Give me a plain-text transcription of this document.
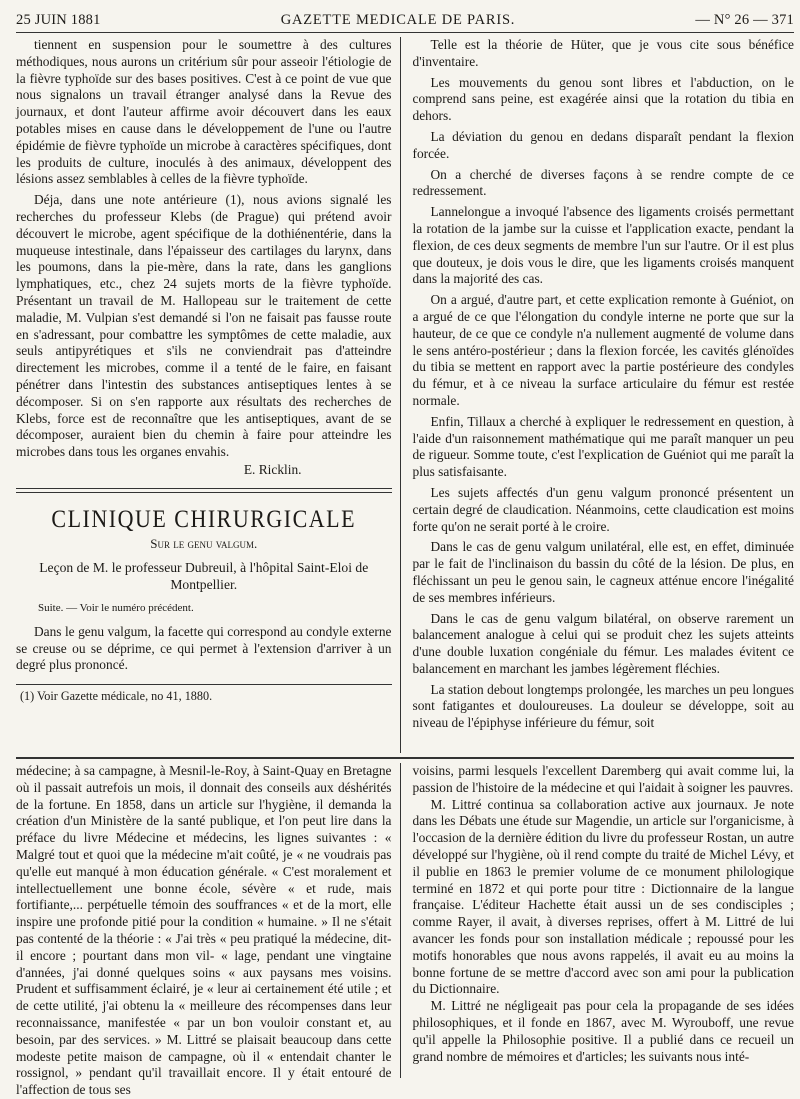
25 JUIN 1881	GAZETTE MEDICALE DE PARIS.	— N° 26 — 371

tiennent en suspension pour le soumettre à des cultures méthodiques, nous aurons un critérium sûr pour asseoir l'étiologie de la fièvre typhoïde sur des bases positives. C'est à ce point de vue que nous signalons un travail étranger analysé dans la Revue des journaux, et dont l'auteur affirme avoir découvert dans les eaux potables mises en cause dans le développement de l'une ou l'autre épidémie de fièvre typhoïde un microbe à caractères spécifiques, dont les produits de culture, inoculés à des animaux, développent des lésions assez semblables à celles de la fièvre typhoïde.

Déja, dans une note antérieure (1), nous avions signalé les recherches du professeur Klebs (de Prague) qui prétend avoir découvert le microbe, agent spécifique de la dothiénentérie, dans la muqueuse intestinale, dans l'épaisseur des cartilages du larynx, dans les poumons, dans la pie-mère, dans la rate, dans les ganglions lymphatiques, etc., chez 24 sujets morts de la fièvre typhoïde. Présentant un travail de M. Hallopeau sur le traitement de cette maladie, M. Vulpian s'est demandé si l'on ne faisait pas fausse route en s'adressant, pour combattre les symptômes de cette maladie, aux seuls antipyrétiques et s'ils ne conviendrait pas d'atteindre directement les microbes, comme il a tenté de le faire, en faisant pénétrer dans l'intestin des substances antiseptiques lentes à se décomposer. Si on s'en rapporte aux résultats des recherches de Klebs, force est de reconnaître que les antiseptiques, avant de se décomposer, auraient bien du chemin à faire pour atteindre les microbes dans tous les organes envahis.

E. Ricklin.

CLINIQUE CHIRURGICALE
Sur le genu valgum.
Leçon de M. le professeur Dubreuil, à l'hôpital Saint-Eloi de Montpellier.
Suite. — Voir le numéro précédent.

Dans le genu valgum, la facette qui correspond au condyle externe se creuse ou se déprime, ce qui permet à l'extension d'arriver à un degré plus prononcé.

(1) Voir Gazette médicale, no 41, 1880.

Telle est la théorie de Hüter, que je vous cite sous bénéfice d'inventaire.

Les mouvements du genou sont libres et l'abduction, on le comprend sans peine, est exagérée ainsi que la rotation du tibia en dehors.

La déviation du genou en dedans disparaît pendant la flexion forcée.

On a cherché de diverses façons à se rendre compte de ce redressement.

Lannelongue a invoqué l'absence des ligaments croisés permettant la rotation de la jambe sur la cuisse et l'application exacte, pendant la flexion, de ces deux segments de membre l'un sur l'autre. Or il est plus que douteux, je dois vous le dire, que les ligaments croisés manquent dans la majorité des cas.

On a argué, d'autre part, et cette explication remonte à Guéniot, on a argué de ce que l'élongation du condyle interne ne porte que sur la hauteur, de ce que ce condyle n'a nullement augmenté de volume dans le sens antéro-postérieur ; dans la flexion forcée, les cavités glénoïdes du tibia se mettent en rapport avec la partie postérieure des condyles du fémur, et à ce niveau la surface articulaire du fémur est restée normale.

Enfin, Tillaux a cherché à expliquer le redressement en question, à l'aide d'un raisonnement mathématique qui me paraît manquer un peu de rigueur. Somme toute, c'est l'explication de Guéniot qui me paraît la plus satisfaisante.

Les sujets affectés d'un genu valgum prononcé présentent un certain degré de claudication. Néanmoins, cette claudication est moins forte qu'on ne serait porté à le croire.

Dans le cas de genu valgum unilatéral, elle est, en effet, diminuée par le fait de l'inclinaison du bassin du côté de la lésion. De plus, en fléchissant un peu le genou sain, le cagneux atténue encore l'inégalité de ses membres inférieurs.

Dans le cas de genu valgum bilatéral, on observe rarement un balancement analogue à celui qui se produit chez les sujets atteints d'une double luxation congéniale du fémur. Les malades évitent ce balancement en marchant les jambes légèrement fléchies.

La station debout longtemps prolongée, les marches un peu longues sont fatigantes et douloureuses. La douleur se développe, soit au niveau de l'épiphyse inférieure du fémur, soit

médecine; à sa campagne, à Mesnil-le-Roy, à Saint-Quay en Bretagne où il passait autrefois un mois, il donnait des conseils aux déshérités de la fortune. En 1858, dans un article sur l'hygiène, il demanda la création d'un Ministère de la santé publique, et l'on peut lire dans la préface du livre Médecine et médecins, les lignes suivantes : « Malgré tout et quoi que la médecine m'ait coûté, je « ne voudrais pas qu'elle eut manqué à mon éducation générale. « C'est moralement et intellectuellement une bonne école, sévère « et rude, mais fortifiante,... perpétuelle témoin des souffrances « et de la mort, elle inspire une profonde pitié pour la condition « humaine. » Il ne s'était pas contenté de la théorie : « J'ai très « peu pratiqué la médecine, dit-il encore ; pourtant dans mon vil- « lage, pendant une vingtaine d'années, j'ai donné quelques soins « aux paysans mes voisins. Prudent et suffisamment éclairé, je « leur ai certainement été utile ; et de cette utilité, j'ai obtenu la « meilleure des récompenses dans leur reconnaissance, manifestée « par un bon vouloir constant et, au besoin, par des services. » M. Littré se plaisait beaucoup dans cette modeste petite maison de campagne, où il « entendait chanter le rossignol, » pendant qu'il travaillait encore. Il y était entouré de l'affection de tous ses

voisins, parmi lesquels l'excellent Daremberg qui avait comme lui, la passion de l'histoire de la médecine et qui l'aidait à soigner les pauvres.

M. Littré continua sa collaboration active aux journaux. Je note dans les Débats une étude sur Magendie, un article sur l'organicisme, à l'occasion de la dernière édition du livre du professeur Rostan, un autre développé sur l'hygiène, où il rend compte du traité de Michel Lévy, et il publie en 1863 le premier volume de ce monument philologique terminé en 1872 et qui porte pour titre : Dictionnaire de la langue française. L'éditeur Hachette était aussi un de ses condisciples ; comme Rayer, il avait, à diverses reprises, offert à M. Littré de lui avancer les fonds pour son installation médicale ; repoussé pour les motifs honorables que nous avons rappelés, il avait eu au moins la bonne fortune de se mettre d'accord avec son ami pour la publication du Dictionnaire.

M. Littré ne négligeait pas pour cela la propagande de ses idées philosophiques, et il fonde en 1867, avec M. Wyrouboff, une revue qu'il appelle la Philosophie positive. Il a publié dans ce recueil un grand nombre de mémoires et d'articles; les suivants nous inté-
